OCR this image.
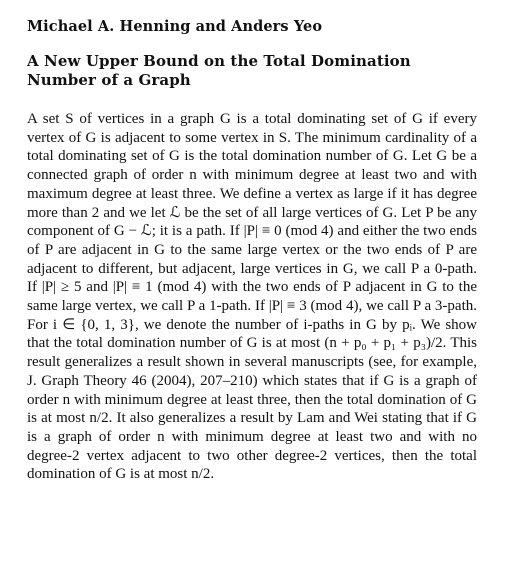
Michael A. Henning and Anders Yeo
A New Upper Bound on the Total Domination Number of a Graph

A set S of vertices in a graph G is a total dominating set of G if every vertex of G is adjacent to some vertex in S. The minimum cardinality of a total dominating set of G is the total domination number of G. Let G be a connected graph of order n with minimum degree at least two and with maximum degree at least three. We define a vertex as large if it has degree more than 2 and we let ℒ be the set of all large vertices of G. Let P be any component of G − ℒ; it is a path. If |P| ≡ 0 (mod 4) and either the two ends of P are adjacent in G to the same large vertex or the two ends of P are adjacent to different, but adjacent, large vertices in G, we call P a 0-path. If |P| ≥ 5 and |P| ≡ 1 (mod 4) with the two ends of P adjacent in G to the same large vertex, we call P a 1-path. If |P| ≡ 3 (mod 4), we call P a 3-path. For i ∈ {0, 1, 3}, we denote the number of i-paths in G by pᵢ. We show that the total domination number of G is at most (n + p₀ + p₁ + p₃)/2. This result generalizes a result shown in several manuscripts (see, for example, J. Graph Theory 46 (2004), 207–210) which states that if G is a graph of order n with minimum degree at least three, then the total domination of G is at most n/2. It also generalizes a result by Lam and Wei stating that if G is a graph of order n with minimum degree at least two and with no degree-2 vertex adjacent to two other degree-2 vertices, then the total domination of G is at most n/2.
